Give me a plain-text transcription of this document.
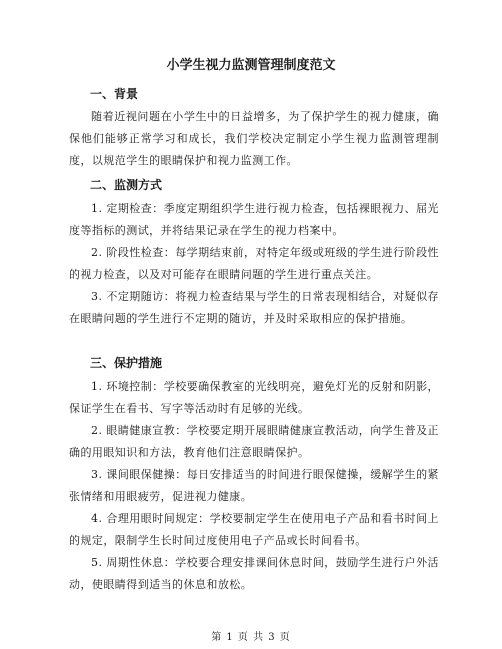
小学生视力监测管理制度范文
一、背景
随着近视问题在小学生中的日益增多，为了保护学生的视力健康，确保他们能够正常学习和成长，我们学校决定制定小学生视力监测管理制度，以规范学生的眼睛保护和视力监测工作。
二、监测方式
1. 定期检查：季度定期组织学生进行视力检查，包括裸眼视力、屈光度等指标的测试，并将结果记录在学生的视力档案中。
2. 阶段性检查：每学期结束前，对特定年级或班级的学生进行阶段性的视力检查，以及对可能存在眼睛问题的学生进行重点关注。
3. 不定期随访：将视力检查结果与学生的日常表现相结合，对疑似存在眼睛问题的学生进行不定期的随访，并及时采取相应的保护措施。
三、保护措施
1. 环境控制：学校要确保教室的光线明亮，避免灯光的反射和阴影，保证学生在看书、写字等活动时有足够的光线。
2. 眼睛健康宣教：学校要定期开展眼睛健康宣教活动，向学生普及正确的用眼知识和方法，教育他们注意眼睛保护。
3. 课间眼保健操：每日安排适当的时间进行眼保健操，缓解学生的紧张情绪和用眼疲劳，促进视力健康。
4. 合理用眼时间规定：学校要制定学生在使用电子产品和看书时间上的规定，限制学生长时间过度使用电子产品或长时间看书。
5. 周期性休息：学校要合理安排课间休息时间，鼓励学生进行户外活动，使眼睛得到适当的休息和放松。
第 1 页 共 3 页
